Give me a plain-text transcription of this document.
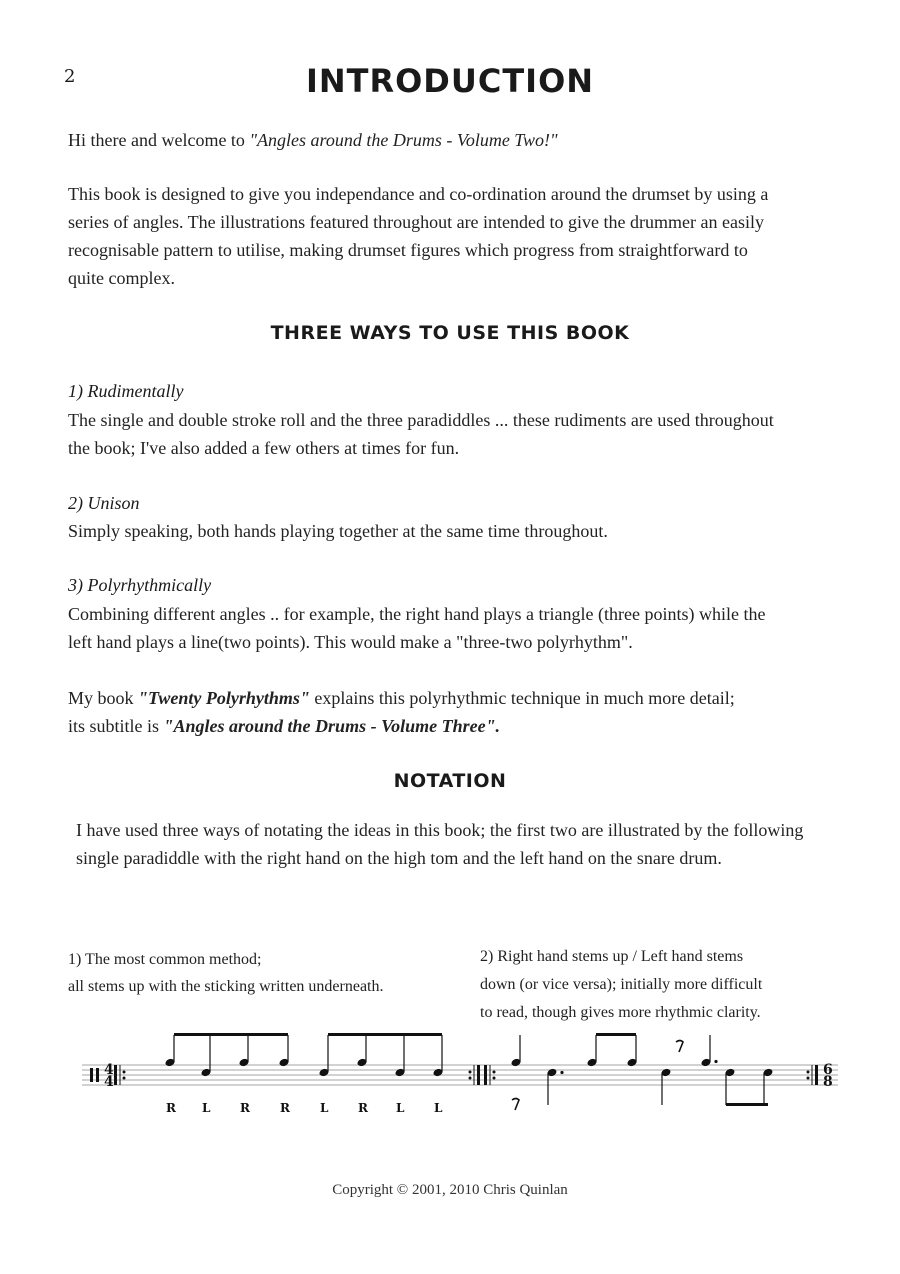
2	INTRODUCTION
Hi there and welcome to "Angles around the Drums - Volume Two!"
This book is designed to give you independance and co-ordination around the drumset by using a series of angles. The illustrations featured throughout are intended to give the drummer an easily recognisable pattern to utilise, making drumset figures which progress from straightforward to quite complex.
THREE WAYS TO USE THIS BOOK
1) Rudimentally
The single and double stroke roll and the three paradiddles ... these rudiments are used throughout the book; I've also added a few others at times for fun.
2) Unison
Simply speaking, both hands playing together at the same time throughout.
3) Polyrhythmically
Combining different angles .. for example, the right hand plays a triangle (three points) while the left hand plays a line(two points). This would make a "three-two polyrhythm".
My book "Twenty Polyrhythms" explains this polyrhythmic technique in much more detail;
its subtitle is "Angles around the Drums - Volume Three".
NOTATION
I have used three ways of notating the ideas in this book; the first two are illustrated by the following single paradiddle with the right hand on the high tom and the left hand on the snare drum.
1) The most common method;
all stems up with the sticking written underneath.
2) Right hand stems up / Left hand stems
down (or vice versa); initially more difficult
to read, though gives more rhythmic clarity.
4
4
6
8
R L R	R	L R L L
Copyright © 2001, 2010 Chris Quinlan
